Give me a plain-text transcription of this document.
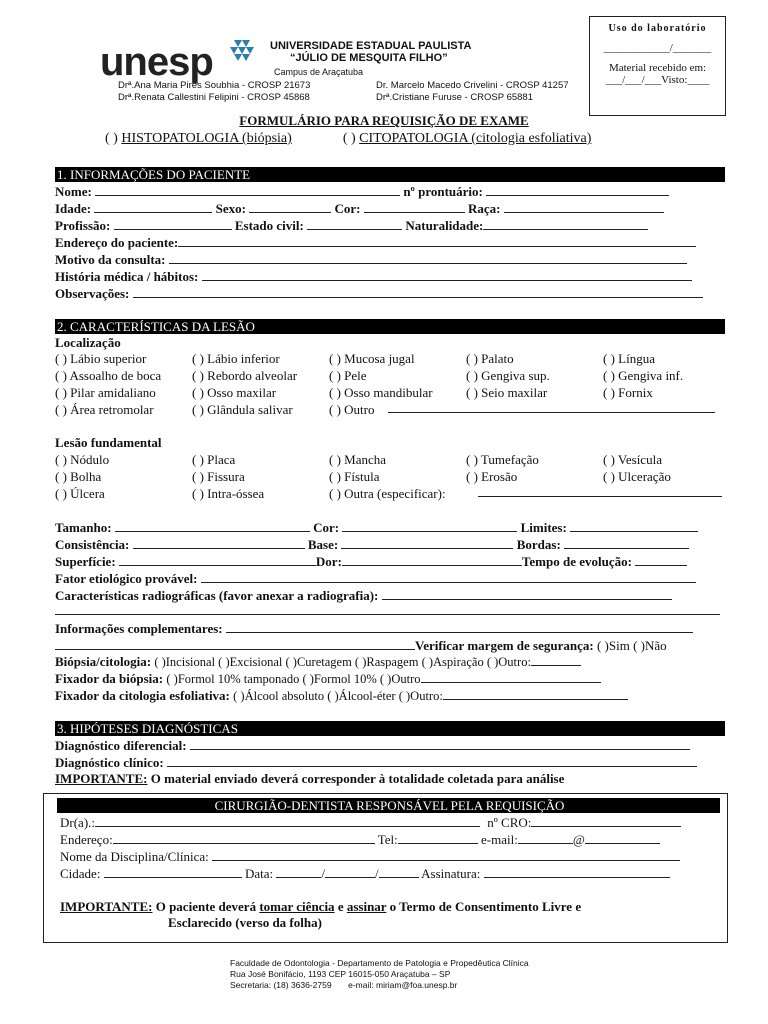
Uso do laboratório
____________/_______
Material recebido em:
___/___/___Visto:____
unesp	UNIVERSIDADE ESTADUAL PAULISTA
“JÚLIO DE MESQUITA FILHO”
Campus de Araçatuba
Drª.Ana Maria Pires Soubhia - CROSP 21673
Drª.Renata Callestini Felipini - CROSP 45868
Dr. Marcelo Macedo Crivelini - CROSP 41257
Drª.Cristiane Furuse - CROSP 65881
FORMULÁRIO PARA REQUISIÇÃO DE EXAME
( ) HISTOPATOLOGIA (biópsia)	( ) CITOPATOLOGIA (citologia esfoliativa)
1. INFORMAÇÕES DO PACIENTE
Nome:	nº prontuário:
Idade:	Sexo:	Cor:	Raça:
Profissão:	Estado civil:	Naturalidade:
Endereço do paciente:
Motivo da consulta:
História médica / hábitos:
Observações:
2. CARACTERÍSTICAS DA LESÃO
Localização
( ) Lábio superior	( ) Lábio inferior	( ) Mucosa jugal	( ) Palato	( ) Língua
( ) Assoalho de boca ( ) Rebordo alveolar ( ) Pele	( ) Gengiva sup.	( ) Gengiva inf.
( ) Pilar amidaliano	( ) Osso maxilar	( ) Osso mandibular	( ) Seio maxilar	( ) Fornix
( ) Área retromolar	( ) Glândula salivar	( ) Outro
Lesão fundamental
( ) Nódulo	( ) Placa	( ) Mancha	( ) Tumefação	( ) Vesícula
( ) Bolha	( ) Fissura	( ) Fístula	( ) Erosão	( ) Ulceração
( ) Úlcera	( ) Intra-óssea	( ) Outra (especificar):
Tamanho:	Cor:	Limites:
Consistência:	Base:	Bordas:
Superfície:	Dor:	Tempo de evolução:
Fator etiológico provável:
Características radiográficas (favor anexar a radiografia):
Informações complementares:
Verificar margem de segurança: ( )Sim ( )Não
Biópsia/citologia: ( )Incisional ( )Excisional ( )Curetagem ( )Raspagem ( )Aspiração ( )Outro:
Fixador da biópsia: ( )Formol 10% tamponado ( )Formol 10% ( )Outro
Fixador da citologia esfoliativa: ( )Álcool absoluto ( )Álcool-éter ( )Outro:
3. HIPÓTESES DIAGNÓSTICAS
Diagnóstico diferencial:
Diagnóstico clínico:
IMPORTANTE: O material enviado deverá corresponder à totalidade coletada para análise
CIRURGIÃO-DENTISTA RESPONSÁVEL PELA REQUISIÇÃO
Dr(a).:	nº CRO:
Endereço:	Tel:	e-mail:	@
Nome da Disciplina/Clínica:
Cidade:	Data:	/	/	Assinatura:
IMPORTANTE: O paciente deverá tomar ciência e assinar o Termo de Consentimento Livre e
Esclarecido (verso da folha)
Faculdade de Odontologia - Departamento de Patologia e Propedêutica Clínica
Rua José Bonifácio, 1193 CEP 16015-050 Araçatuba – SP
Secretaria: (18) 3636-2759       e-mail: miriam@foa.unesp.br
